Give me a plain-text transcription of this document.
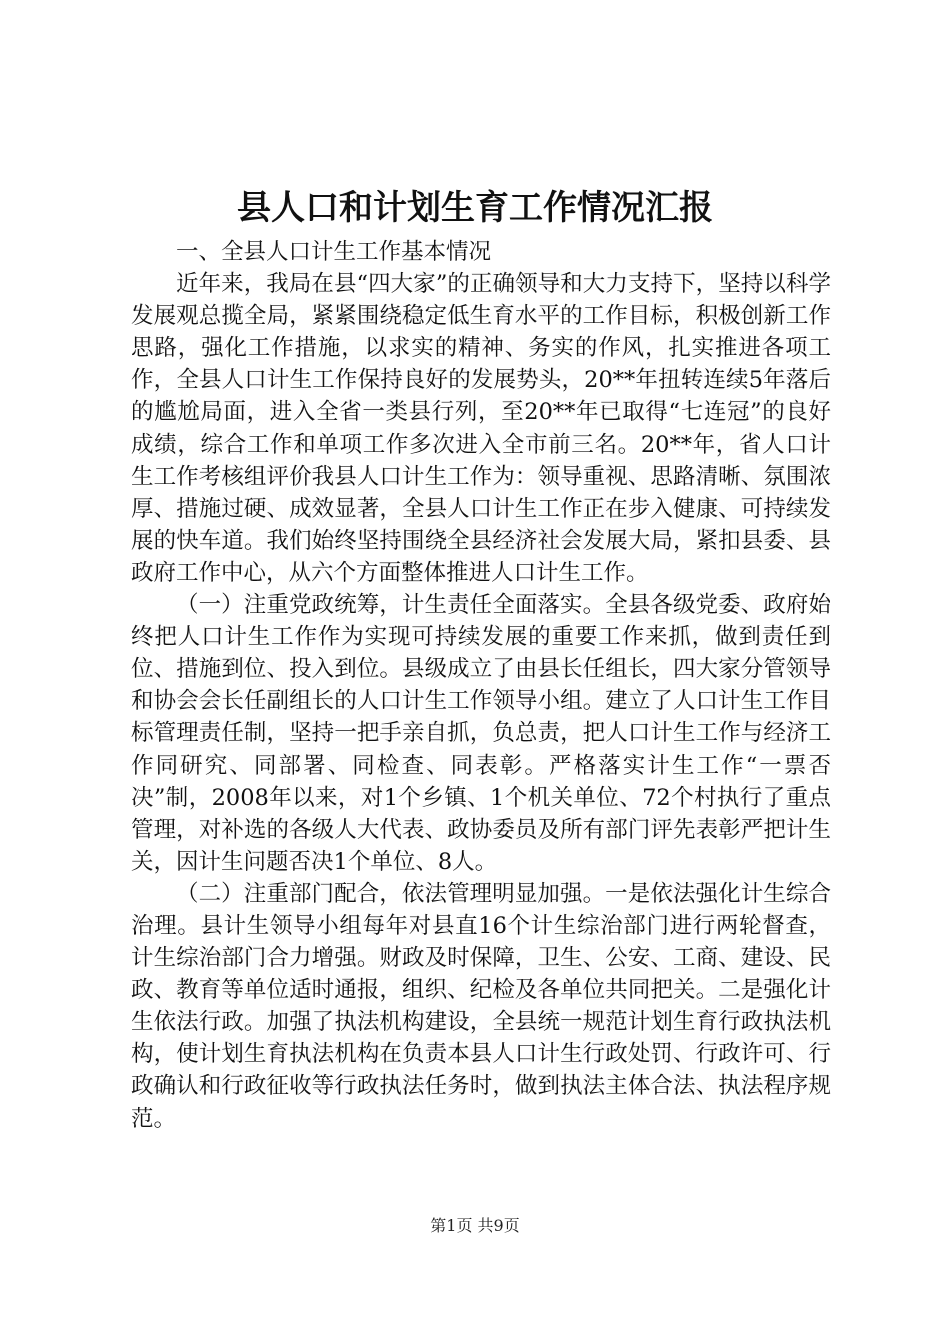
县人口和计划生育工作情况汇报

一、全县人口计生工作基本情况

近年来，我局在县“四大家”的正确领导和大力支持下，坚持以科学发展观总揽全局，紧紧围绕稳定低生育水平的工作目标，积极创新工作思路，强化工作措施，以求实的精神、务实的作风，扎实推进各项工作，全县人口计生工作保持良好的发展势头，20**年扭转连续5年落后的尴尬局面，进入全省一类县行列，至20**年已取得“七连冠”的良好成绩，综合工作和单项工作多次进入全市前三名。20**年，省人口计生工作考核组评价我县人口计生工作为：领导重视、思路清晰、氛围浓厚、措施过硬、成效显著，全县人口计生工作正在步入健康、可持续发展的快车道。我们始终坚持围绕全县经济社会发展大局，紧扣县委、县政府工作中心，从六个方面整体推进人口计生工作。

（一）注重党政统筹，计生责任全面落实。全县各级党委、政府始终把人口计生工作作为实现可持续发展的重要工作来抓，做到责任到位、措施到位、投入到位。县级成立了由县长任组长，四大家分管领导和协会会长任副组长的人口计生工作领导小组。建立了人口计生工作目标管理责任制，坚持一把手亲自抓，负总责，把人口计生工作与经济工作同研究、同部署、同检查、同表彰。严格落实计生工作“一票否决”制，2008年以来，对1个乡镇、1个机关单位、72个村执行了重点管理，对补选的各级人大代表、政协委员及所有部门评先表彰严把计生关，因计生问题否决1个单位、8人。

（二）注重部门配合，依法管理明显加强。一是依法强化计生综合治理。县计生领导小组每年对县直16个计生综治部门进行两轮督查，计生综治部门合力增强。财政及时保障，卫生、公安、工商、建设、民政、教育等单位适时通报，组织、纪检及各单位共同把关。二是强化计生依法行政。加强了执法机构建设，全县统一规范计划生育行政执法机构，使计划生育执法机构在负责本县人口计生行政处罚、行政许可、行政确认和行政征收等行政执法任务时，做到执法主体合法、执法程序规范。

第1页 共9页
